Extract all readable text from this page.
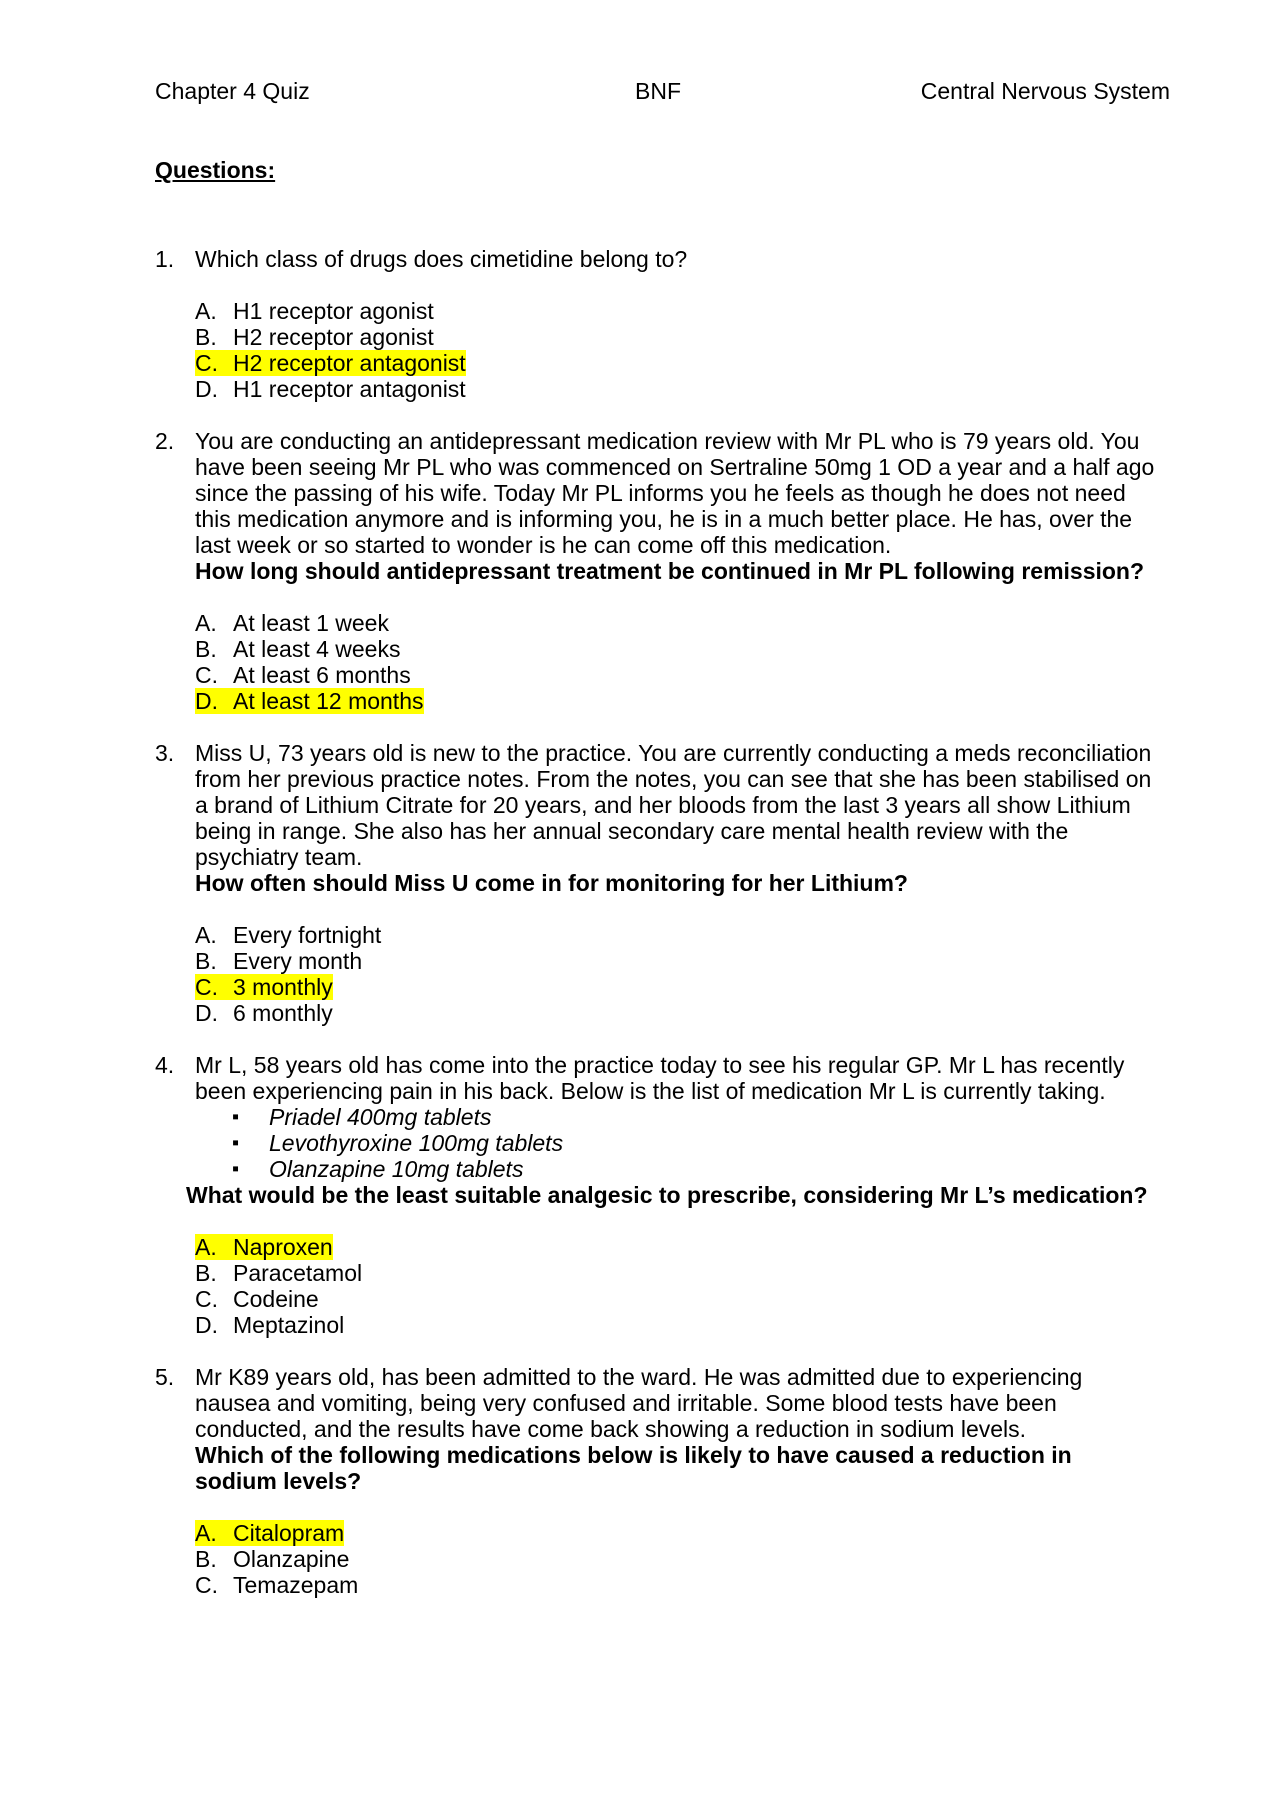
Chapter 4 Quiz	BNF	Central Nervous System
Questions:
1. Which class of drugs does cimetidine belong to?

A. H1 receptor agonist
B. H2 receptor agonist
C. H2 receptor antagonist
D. H1 receptor antagonist
2. You are conducting an antidepressant medication review with Mr PL who is 79 years old. You have been seeing Mr PL who was commenced on Sertraline 50mg 1 OD a year and a half ago since the passing of his wife. Today Mr PL informs you he feels as though he does not need this medication anymore and is informing you, he is in a much better place. He has, over the last week or so started to wonder is he can come off this medication.

How long should antidepressant treatment be continued in Mr PL following remission?

A. At least 1 week
B. At least 4 weeks
C. At least 6 months
D. At least 12 months
3. Miss U, 73 years old is new to the practice. You are currently conducting a meds reconciliation from her previous practice notes. From the notes, you can see that she has been stabilised on a brand of Lithium Citrate for 20 years, and her bloods from the last 3 years all show Lithium being in range. She also has her annual secondary care mental health review with the psychiatry team.

How often should Miss U come in for monitoring for her Lithium?

A. Every fortnight
B. Every month
C. 3 monthly
D. 6 monthly
4. Mr L, 58 years old has come into the practice today to see his regular GP. Mr L has recently been experiencing pain in his back. Below is the list of medication Mr L is currently taking.

▪ Priadel 400mg tablets
▪ Levothyroxine 100mg tablets
▪ Olanzapine 10mg tablets

What would be the least suitable analgesic to prescribe, considering Mr L’s medication?

A. Naproxen
B. Paracetamol
C. Codeine
D. Meptazinol
5. Mr K89 years old, has been admitted to the ward. He was admitted due to experiencing nausea and vomiting, being very confused and irritable. Some blood tests have been conducted, and the results have come back showing a reduction in sodium levels.

Which of the following medications below is likely to have caused a reduction in sodium levels?

A. Citalopram
B. Olanzapine
C. Temazepam
